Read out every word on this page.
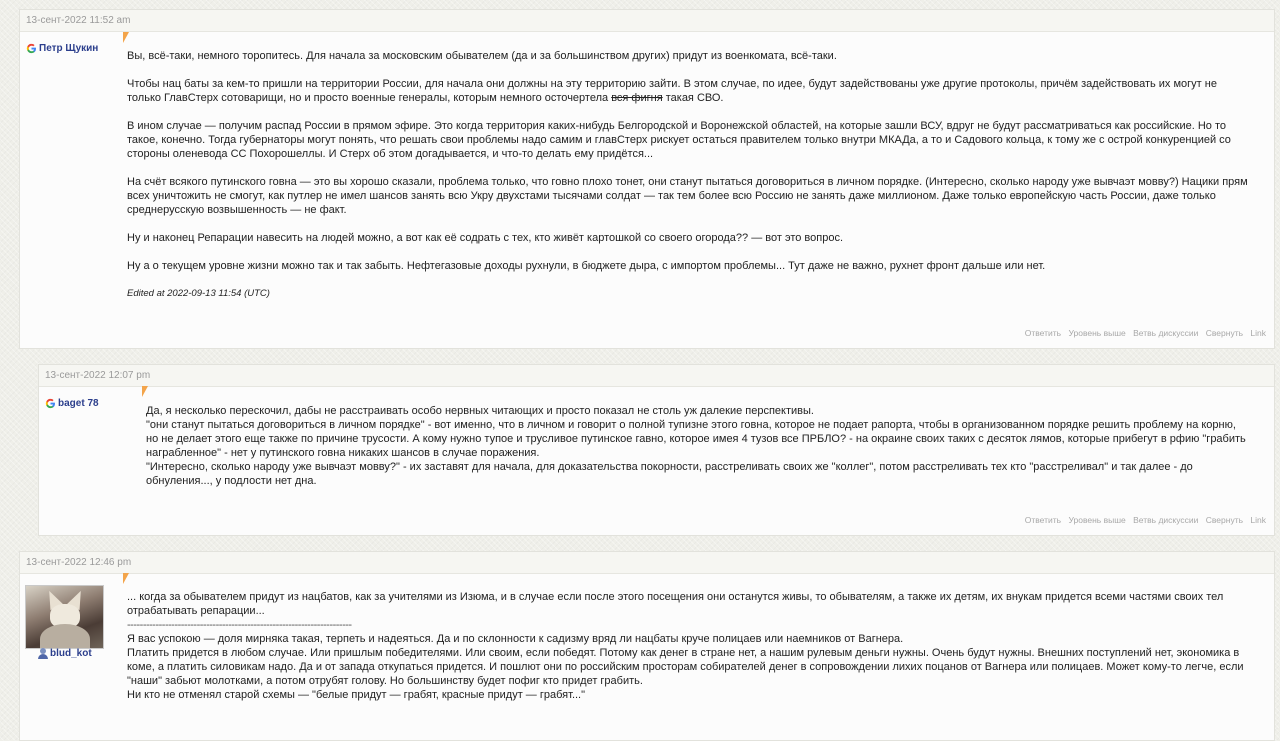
13-сент-2022 11:52 am
Петр Щукин

Вы, всё-таки, немного торопитесь. Для начала за московским обывателем (да и за большинством других) придут из военкомата, всё-таки.

Чтобы нац баты за кем-то пришли на территории России, для начала они должны на эту территорию зайти. В этом случае, по идее, будут задействованы уже другие протоколы, причём задействовать их могут не только ГлавСтерх сотоварищи, но и просто военные генералы, которым немного осточертела вся фигня такая СВО.

В ином случае — получим распад России в прямом эфире. Это когда территория каких-нибудь Белгородской и Воронежской областей, на которые зашли ВСУ, вдруг не будут рассматриваться как российские. Но то такое, конечно. Тогда губернаторы могут понять, что решать свои проблемы надо самим и главСтерх рискует остаться правителем только внутри МКАДа, а то и Садового кольца, к тому же с острой конкуренцией со стороны оленевода СС Похорошеллы. И Стерх об этом догадывается, и что-то делать ему придётся...

На счёт всякого путинского говна — это вы хорошо сказали, проблема только, что говно плохо тонет, они станут пытаться договориться в личном порядке. (Интересно, сколько народу уже вывчаэт мовву?) Нацики прям всех уничтожить не смогут, как путлер не имел шансов занять всю Укру двухстами тысячами солдат — так тем более всю Россию не занять даже миллионом. Даже только европейскую часть России, даже только среднерусскую возвышенность — не факт.

Ну и наконец Репарации навесить на людей можно, а вот как её содрать с тех, кто живёт картошкой со своего огорода?? — вот это вопрос.

Ну а о текущем уровне жизни можно так и так забыть. Нефтегазовые доходы рухнули, в бюджете дыра, с импортом проблемы... Тут даже не важно, рухнет фронт дальше или нет.

Edited at 2022-09-13 11:54 (UTC)

Ответить Уровень выше Ветвь дискуссии Свернуть Link
13-сент-2022 12:07 pm
baget 78

Да, я несколько перескочил, дабы не расстраивать особо нервных читающих и просто показал не столь уж далекие перспективы.

"они станут пытаться договориться в личном порядке" - вот именно, что в личном и говорит о полной тупизне этого говна, которое не подает рапорта, чтобы в организованном порядке решить проблему на корню, но не делает этого еще также по причине трусости. А кому нужно тупое и трусливое путинское гавно, которое имея 4 тузов все ПРБЛО? - на окраине своих таких с десяток лямов, которые прибегут в рфию "грабить награбленное" - нет у путинского говна никаких шансов в случае поражения.

"Интересно, сколько народу уже вывчаэт мовву?" - их заставят для начала, для доказательства покорности, расстреливать своих же "коллег", потом расстреливать тех кто "расстреливал" и так далее - до обнуления..., у подлости нет дна.

Ответить Уровень выше Ветвь дискуссии Свернуть Link
13-сент-2022 12:46 pm
blud_kot

... когда за обывателем придут из нацбатов, как за учителями из Изюма, и в случае если после этого посещения они останутся живы, то обывателям, а также их детям, их внукам придется всеми частями своих тел отрабатывать репарации...

-----------------------------------------------------------------------

Я вас успокою — доля мирняка такая, терпеть и надеяться. Да и по склонности к садизму вряд ли нацбаты круче полицаев или наемников от Вагнера.

Платить придется в любом случае. Или пришлым победителями. Или своим, если победят. Потому как денег в стране нет, а нашим рулевым деньги нужны. Очень будут нужны. Внешних поступлений нет, экономика в коме, а платить силовикам надо. Да и от запада откупаться придется. И пошлют они по российским просторам собирателей денег в сопровождении лихих поцанов от Вагнера или полицаев. Может кому-то легче, если "наши" забьют молотками, а потом отрубят голову. Но большинству будет пофиг кто придет грабить.

Ни кто не отменял старой схемы — "белые придут — грабят, красные придут — грабят..."
